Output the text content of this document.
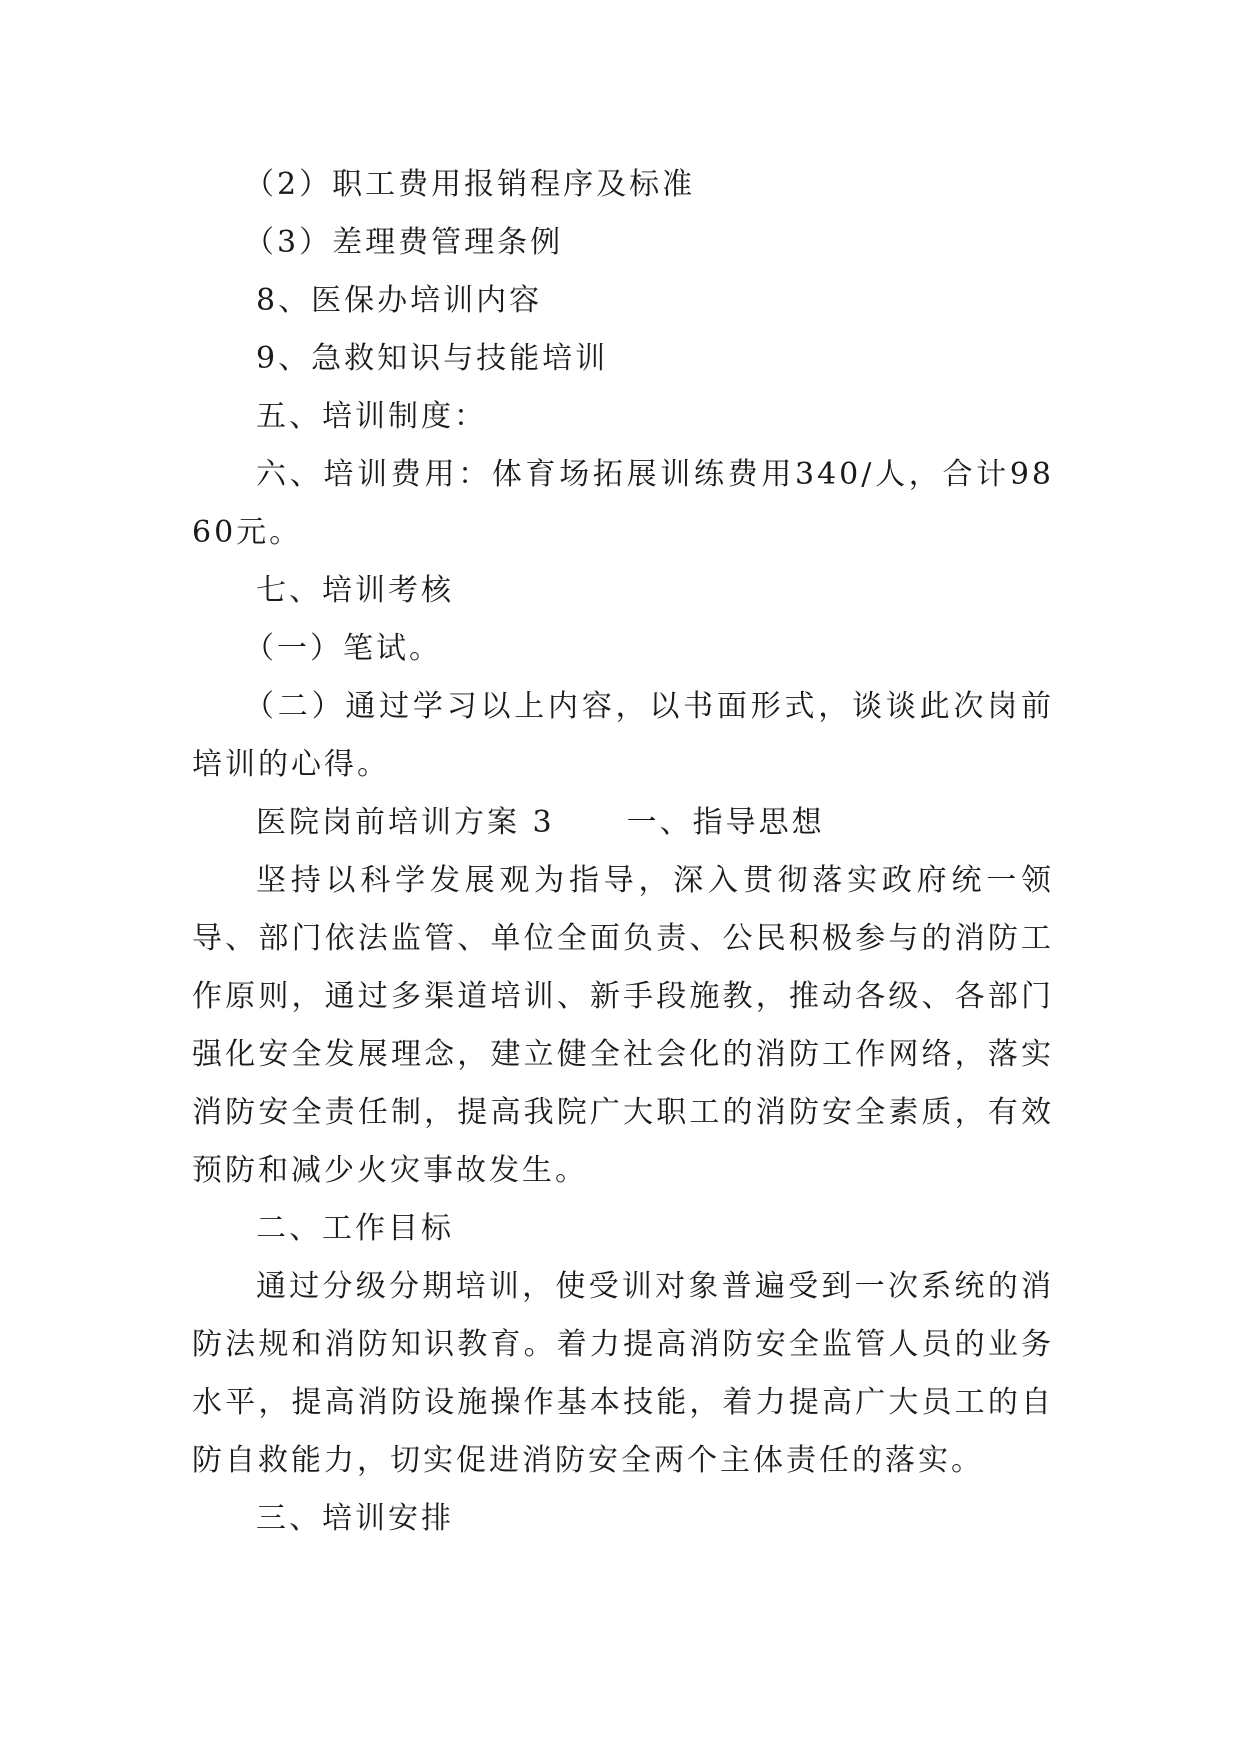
（2）职工费用报销程序及标准
（3）差理费管理条例
8、医保办培训内容
9、急救知识与技能培训
五、培训制度：

六、培训费用：体育场拓展训练费用340/人，合计9860元。

七、培训考核
（一）笔试。

（二）通过学习以上内容，以书面形式，谈谈此次岗前培训的心得。

医院岗前培训方案 3 一、指导思想

坚持以科学发展观为指导，深入贯彻落实政府统一领导、部门依法监管、单位全面负责、公民积极参与的消防工作原则，通过多渠道培训、新手段施教，推动各级、各部门强化安全发展理念，建立健全社会化的消防工作网络，落实消防安全责任制，提高我院广大职工的消防安全素质，有效预防和减少火灾事故发生。

二、工作目标

通过分级分期培训，使受训对象普遍受到一次系统的消防法规和消防知识教育。着力提高消防安全监管人员的业务水平，提高消防设施操作基本技能，着力提高广大员工的自防自救能力，切实促进消防安全两个主体责任的落实。

三、培训安排
